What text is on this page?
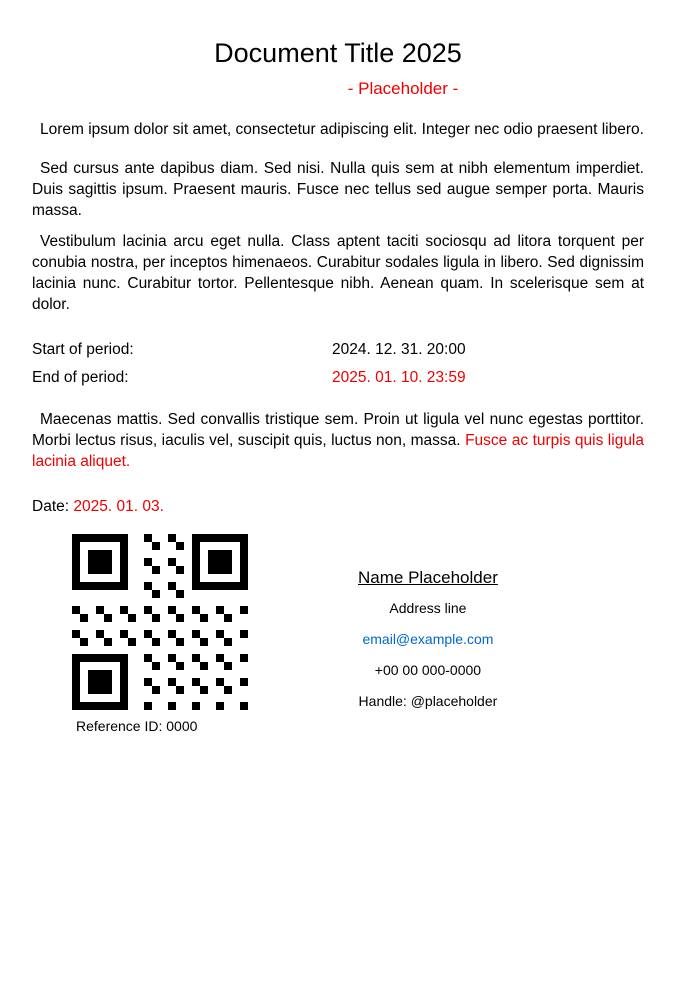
Document Title 2025
- Placeholder -

Lorem ipsum dolor sit amet, consectetur adipiscing elit. Integer nec odio praesent libero.

Sed cursus ante dapibus diam. Sed nisi. Nulla quis sem at nibh elementum imperdiet. Duis sagittis ipsum. Praesent mauris. Fusce nec tellus sed augue semper porta. Mauris massa.

Vestibulum lacinia arcu eget nulla. Class aptent taciti sociosqu ad litora torquent per conubia nostra, per inceptos himenaeos. Curabitur sodales ligula in libero. Sed dignissim lacinia nunc. Curabitur tortor. Pellentesque nibh. Aenean quam. In scelerisque sem at dolor.

Start of period:	2024. 12. 31. 20:00
End of period:	2025. 01. 10. 23:59

Maecenas mattis. Sed convallis tristique sem. Proin ut ligula vel nunc egestas porttitor. Morbi lectus risus, iaculis vel, suscipit quis, luctus non, massa. Fusce ac turpis quis ligula lacinia aliquet.

Date:
2025. 01. 03.
Reference ID: 0000
Name Placeholder
Address line
email@example.com
+00 00 000-0000
Handle: @placeholder
